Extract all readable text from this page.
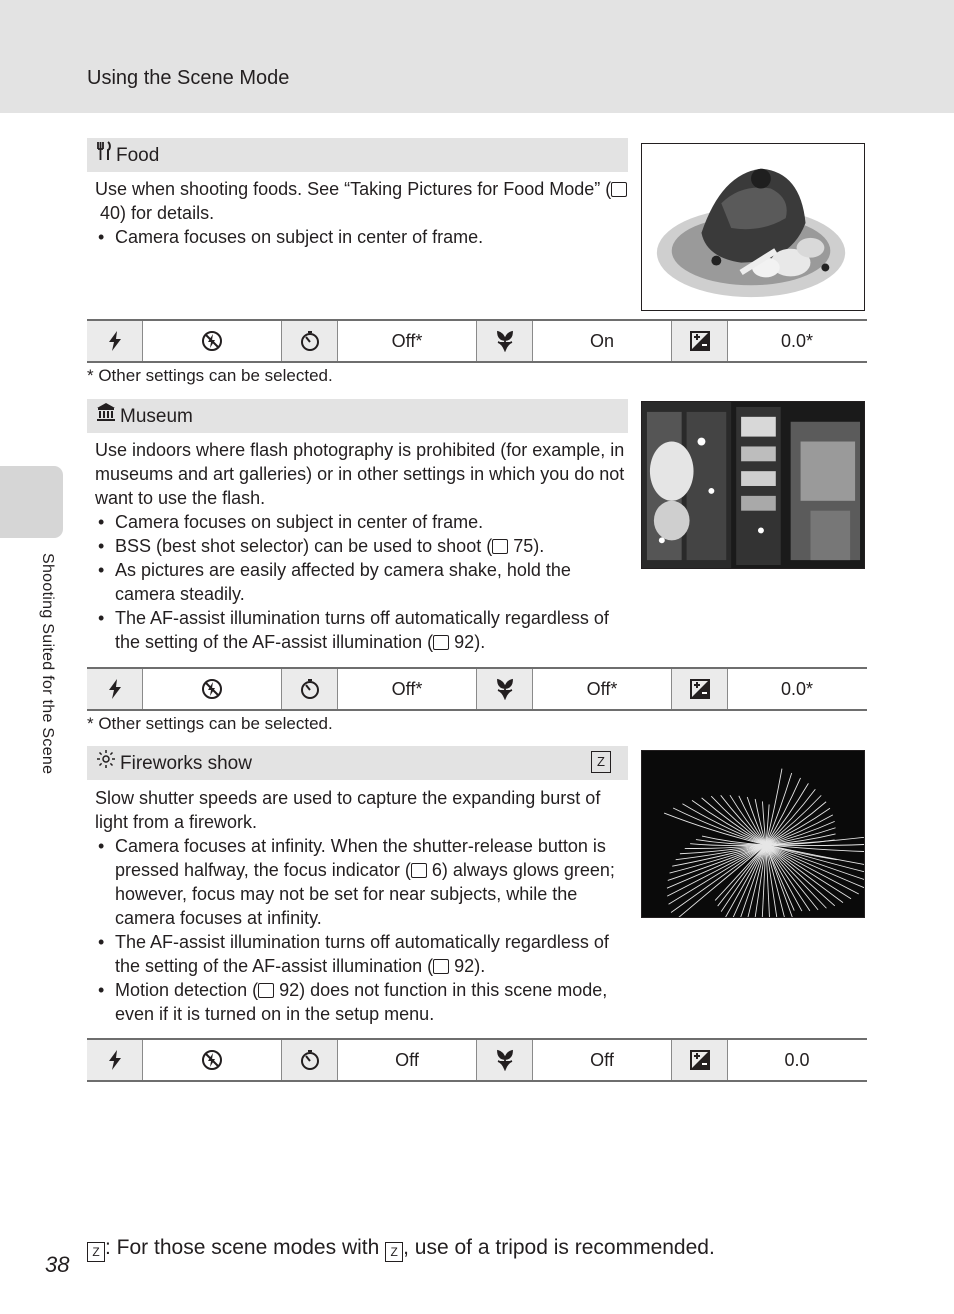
Using the Scene Mode
Shooting Suited for the Scene
Food

Use when shooting foods. See “Taking Pictures for Food Mode” ( 40) for details.

• Camera focuses on subject in center of frame.
Off*	On	0.0*
* Other settings can be selected.
Museum

Use indoors where flash photography is prohibited (for example, in museums and art galleries) or in other settings in which you do not want to use the flash.

• Camera focuses on subject in center of frame.
• BSS (best shot selector) can be used to shoot ( 75).
• As pictures are easily affected by camera shake, hold the camera steadily.
• The AF-assist illumination turns off automatically regardless of the setting of the AF-assist illumination ( 92).
Off*	Off*	0.0*
* Other settings can be selected.
Fireworks show	Z

Slow shutter speeds are used to capture the expanding burst of light from a firework.

• Camera focuses at infinity. When the shutter-release button is pressed halfway, the focus indicator ( 6) always glows green; however, focus may not be set for near subjects, while the camera focuses at infinity.
• The AF-assist illumination turns off automatically regardless of the setting of the AF-assist illumination ( 92).
• Motion detection ( 92) does not function in this scene mode, even if it is turned on in the setup menu.
Off	Off	0.0
Z : For those scene modes with Z , use of a tripod is recommended.
38
